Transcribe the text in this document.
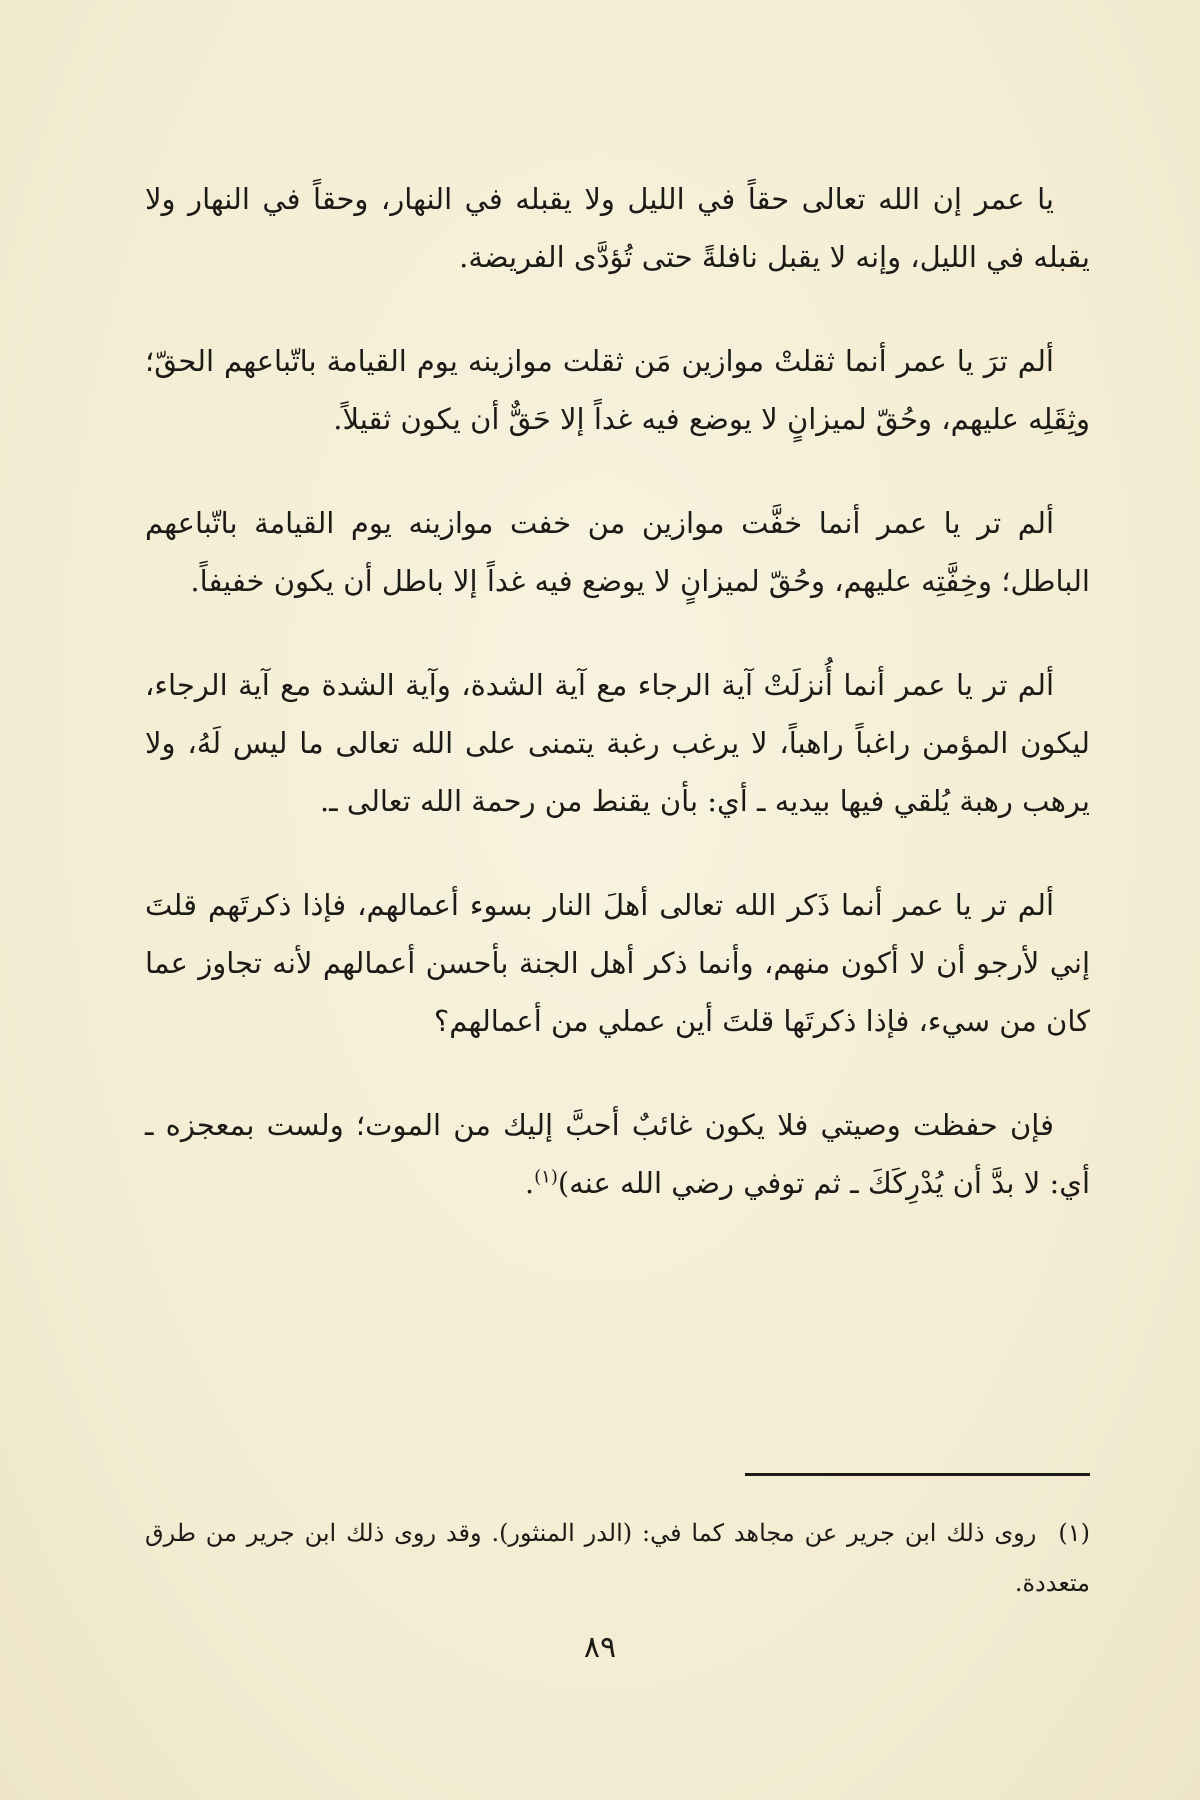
يا عمر إن الله تعالى حقاً في الليل ولا يقبله في النهار، وحقاً في النهار ولا يقبله في الليل، وإنه لا يقبل نافلةً حتى تُؤدَّى الفريضة.

ألم ترَ يا عمر أنما ثقلتْ موازين مَن ثقلت موازينه يوم القيامة باتّباعهم الحقّ؛ وثِقَلِه عليهم، وحُقّ لميزانٍ لا يوضع فيه غداً إلا حَقٌّ أن يكون ثقيلاً.

ألم تر يا عمر أنما خفَّت موازين من خفت موازينه يوم القيامة باتّباعهم الباطل؛ وخِفَّتِه عليهم، وحُقّ لميزانٍ لا يوضع فيه غداً إلا باطل أن يكون خفيفاً.

ألم تر يا عمر أنما أُنزلَتْ آية الرجاء مع آية الشدة، وآية الشدة مع آية الرجاء، ليكون المؤمن راغباً راهباً، لا يرغب رغبة يتمنى على الله تعالى ما ليس لَهُ، ولا يرهب رهبة يُلقي فيها بيديه ـ أي: بأن يقنط من رحمة الله تعالى ـ.

ألم تر يا عمر أنما ذَكر الله تعالى أهلَ النار بسوء أعمالهم، فإذا ذكرتَهم قلتَ إني لأرجو أن لا أكون منهم، وأنما ذكر أهل الجنة بأحسن أعمالهم لأنه تجاوز عما كان من سيء، فإذا ذكرتَها قلتَ أين عملي من أعمالهم؟

فإن حفظت وصيتي فلا يكون غائبٌ أحبَّ إليك من الموت؛ ولست بمعجزه ـ أي: لا بدَّ أن يُدْرِكَكَ ـ ثم توفي رضي الله عنه)$^{(١)}$.

(١)روى ذلك ابن جرير عن مجاهد كما في: (الدر المنثور). وقد روى ذلك ابن جرير من طرق متعددة.
٨٩
